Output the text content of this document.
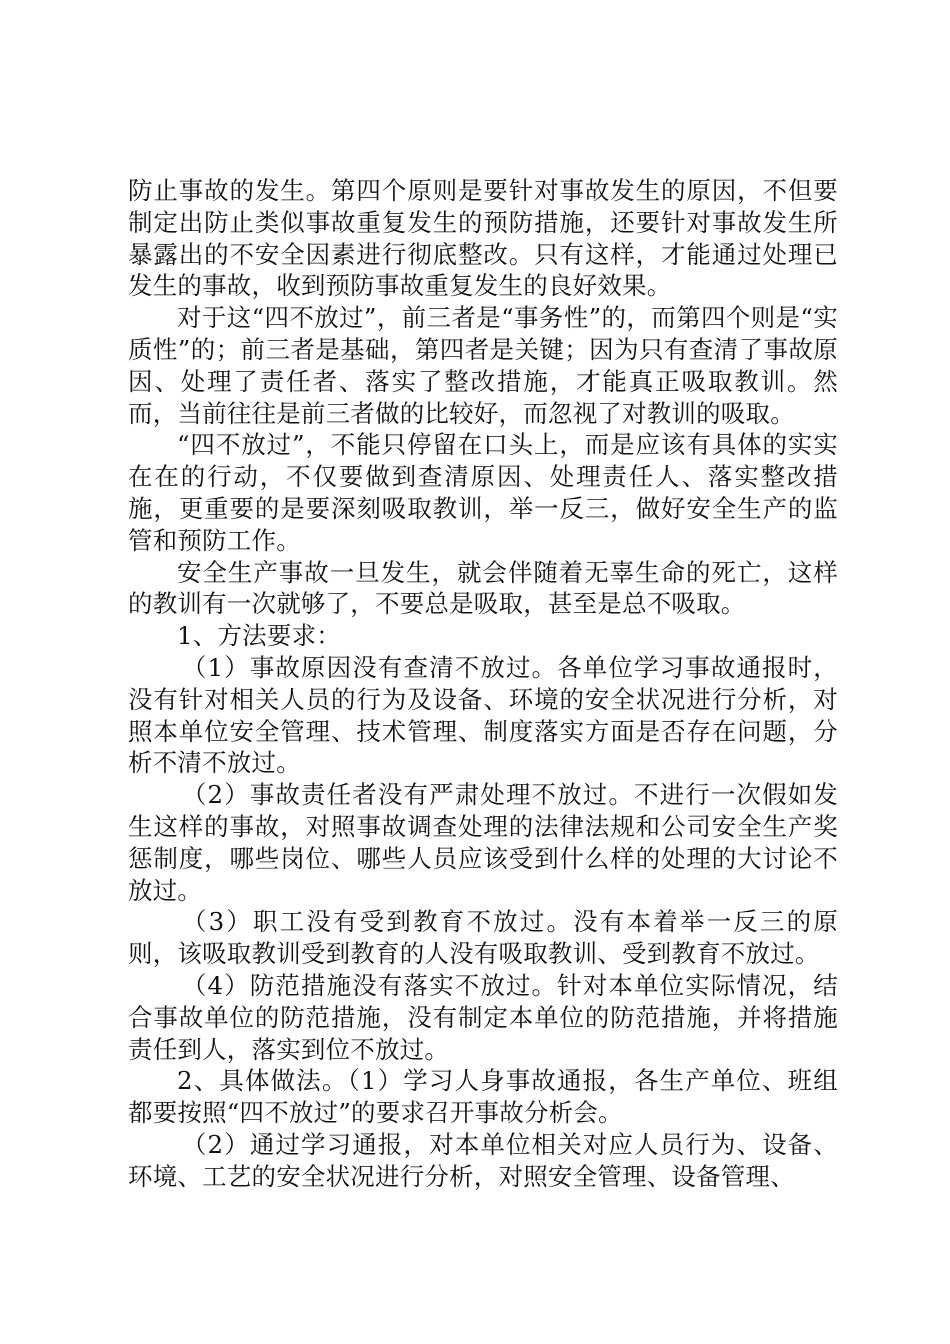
防止事故的发生。第四个原则是要针对事故发生的原因，不但要制定出防止类似事故重复发生的预防措施，还要针对事故发生所暴露出的不安全因素进行彻底整改。只有这样，才能通过处理已发生的事故，收到预防事故重复发生的良好效果。

对于这“四不放过”，前三者是“事务性”的，而第四个则是“实质性”的；前三者是基础，第四者是关键；因为只有查清了事故原因、处理了责任者、落实了整改措施，才能真正吸取教训。然而，当前往往是前三者做的比较好，而忽视了对教训的吸取。

“四不放过”，不能只停留在口头上，而是应该有具体的实实在在的行动，不仅要做到查清原因、处理责任人、落实整改措施，更重要的是要深刻吸取教训，举一反三，做好安全生产的监管和预防工作。

安全生产事故一旦发生，就会伴随着无辜生命的死亡，这样的教训有一次就够了，不要总是吸取，甚至是总不吸取。

1、方法要求：

（1）事故原因没有查清不放过。各单位学习事故通报时，没有针对相关人员的行为及设备、环境的安全状况进行分析，对照本单位安全管理、技术管理、制度落实方面是否存在问题，分析不清不放过。

（2）事故责任者没有严肃处理不放过。不进行一次假如发生这样的事故，对照事故调查处理的法律法规和公司安全生产奖惩制度，哪些岗位、哪些人员应该受到什么样的处理的大讨论不放过。

（3）职工没有受到教育不放过。没有本着举一反三的原则，该吸取教训受到教育的人没有吸取教训、受到教育不放过。

（4）防范措施没有落实不放过。针对本单位实际情况，结合事故单位的防范措施，没有制定本单位的防范措施，并将措施责任到人，落实到位不放过。

2、具体做法。（1）学习人身事故通报，各生产单位、班组都要按照“四不放过”的要求召开事故分析会。

（2）通过学习通报，对本单位相关对应人员行为、设备、环境、工艺的安全状况进行分析，对照安全管理、设备管理、
